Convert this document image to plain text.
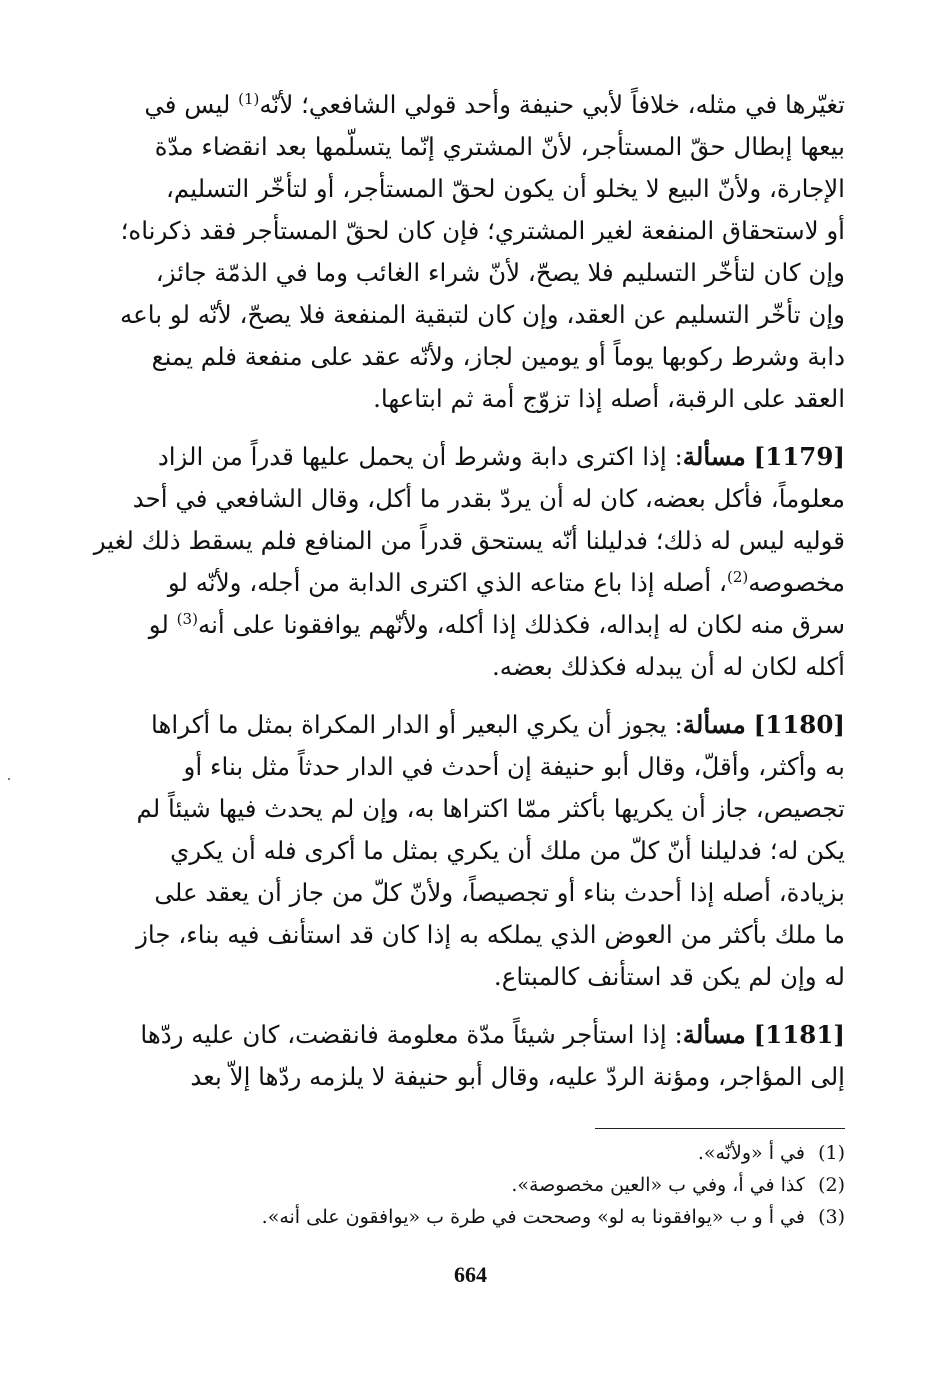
تغيّرها في مثله، خلافاً لأبي حنيفة وأحد قولي الشافعي؛ لأنّه$^{(1)}$ ليس في
بيعها إبطال حقّ المستأجر، لأنّ المشتري إنّما يتسلّمها بعد انقضاء مدّة
الإجارة، ولأنّ البيع لا يخلو أن يكون لحقّ المستأجر، أو لتأخّر التسليم،
أو لاستحقاق المنفعة لغير المشتري؛ فإن كان لحقّ المستأجر فقد ذكرناه؛
وإن كان لتأخّر التسليم فلا يصحّ، لأنّ شراء الغائب وما في الذمّة جائز،
وإن تأخّر التسليم عن العقد، وإن كان لتبقية المنفعة فلا يصحّ، لأنّه لو باعه
دابة وشرط ركوبها يوماً أو يومين لجاز، ولأنّه عقد على منفعة فلم يمنع
العقد على الرقبة، أصله إذا تزوّج أمة ثم ابتاعها.
[1179] مسألة: إذا اكترى دابة وشرط أن يحمل عليها قدراً من الزاد
معلوماً، فأكل بعضه، كان له أن يردّ بقدر ما أكل، وقال الشافعي في أحد
قوليه ليس له ذلك؛ فدليلنا أنّه يستحق قدراً من المنافع فلم يسقط ذلك لغير
مخصوصه$^{(2)}$، أصله إذا باع متاعه الذي اكترى الدابة من أجله، ولأنّه لو
سرق منه لكان له إبداله، فكذلك إذا أكله، ولأنّهم يوافقونا على أنه$^{(3)}$ لو
أكله لكان له أن يبدله فكذلك بعضه.
[1180] مسألة: يجوز أن يكري البعير أو الدار المكراة بمثل ما أكراها
به وأكثر، وأقلّ، وقال أبو حنيفة إن أحدث في الدار حدثاً مثل بناء أو
تجصيص، جاز أن يكريها بأكثر ممّا اكتراها به، وإن لم يحدث فيها شيئاً لم
يكن له؛ فدليلنا أنّ كلّ من ملك أن يكري بمثل ما أكرى فله أن يكري
بزيادة، أصله إذا أحدث بناء أو تجصيصاً، ولأنّ كلّ من جاز أن يعقد على
ما ملك بأكثر من العوض الذي يملكه به إذا كان قد استأنف فيه بناء، جاز
له وإن لم يكن قد استأنف كالمبتاع.
[1181] مسألة: إذا استأجر شيئاً مدّة معلومة فانقضت، كان عليه ردّها
إلى المؤاجر، ومؤنة الردّ عليه، وقال أبو حنيفة لا يلزمه ردّها إلاّ بعد
(1) في أ «ولأنّه».
(2) كذا في أ، وفي ب «العين مخصوصة».
(3) في أ و ب «يوافقونا به لو» وصححت في طرة ب «يوافقون على أنه».
664
